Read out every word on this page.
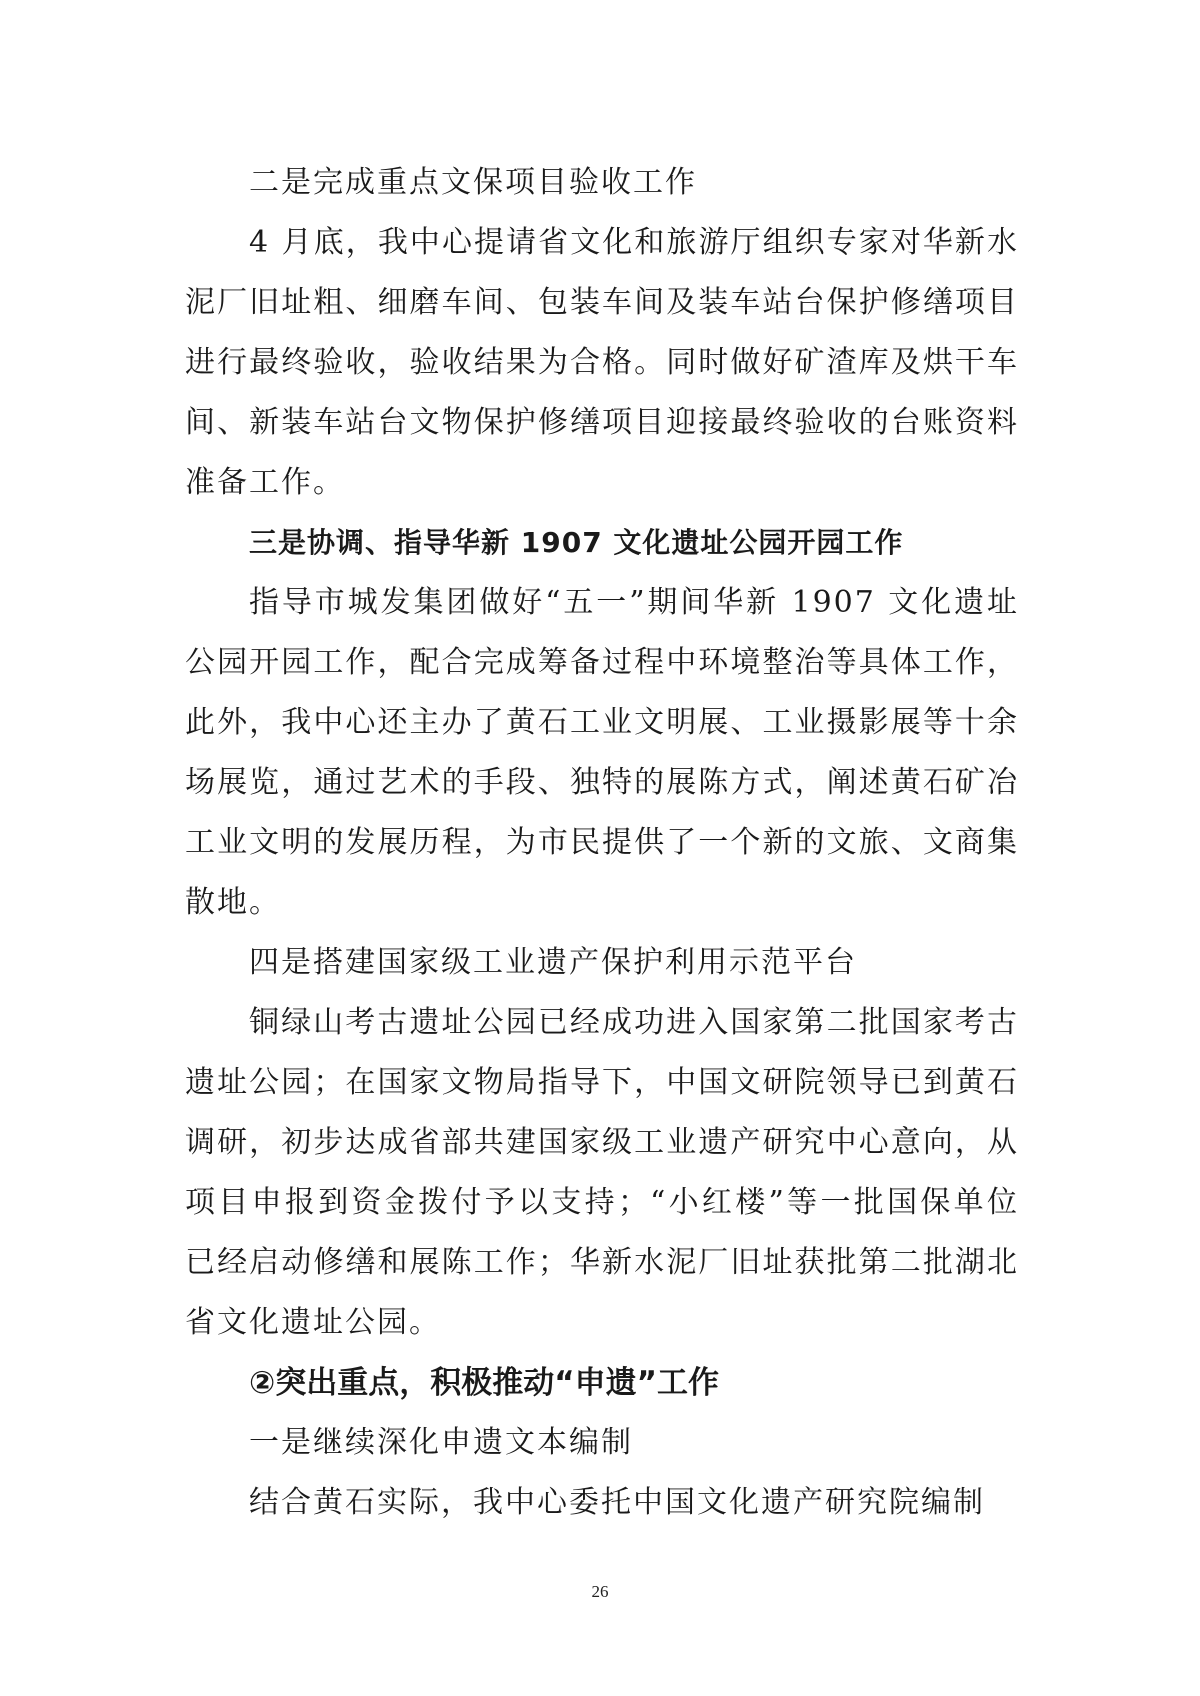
二是完成重点文保项目验收工作

4 月底，我中心提请省文化和旅游厅组织专家对华新水泥厂旧址粗、细磨车间、包装车间及装车站台保护修缮项目进行最终验收，验收结果为合格。同时做好矿渣库及烘干车间、新装车站台文物保护修缮项目迎接最终验收的台账资料准备工作。

三是协调、指导华新 1907 文化遗址公园开园工作

指导市城发集团做好“五一”期间华新 1907 文化遗址公园开园工作，配合完成筹备过程中环境整治等具体工作，此外，我中心还主办了黄石工业文明展、工业摄影展等十余场展览，通过艺术的手段、独特的展陈方式，阐述黄石矿冶工业文明的发展历程，为市民提供了一个新的文旅、文商集散地。

四是搭建国家级工业遗产保护利用示范平台

铜绿山考古遗址公园已经成功进入国家第二批国家考古遗址公园；在国家文物局指导下，中国文研院领导已到黄石调研，初步达成省部共建国家级工业遗产研究中心意向，从项目申报到资金拨付予以支持；“小红楼”等一批国保单位已经启动修缮和展陈工作；华新水泥厂旧址获批第二批湖北省文化遗址公园。

②突出重点，积极推动“申遗”工作
一是继续深化申遗文本编制

结合黄石实际，我中心委托中国文化遗产研究院编制

26
